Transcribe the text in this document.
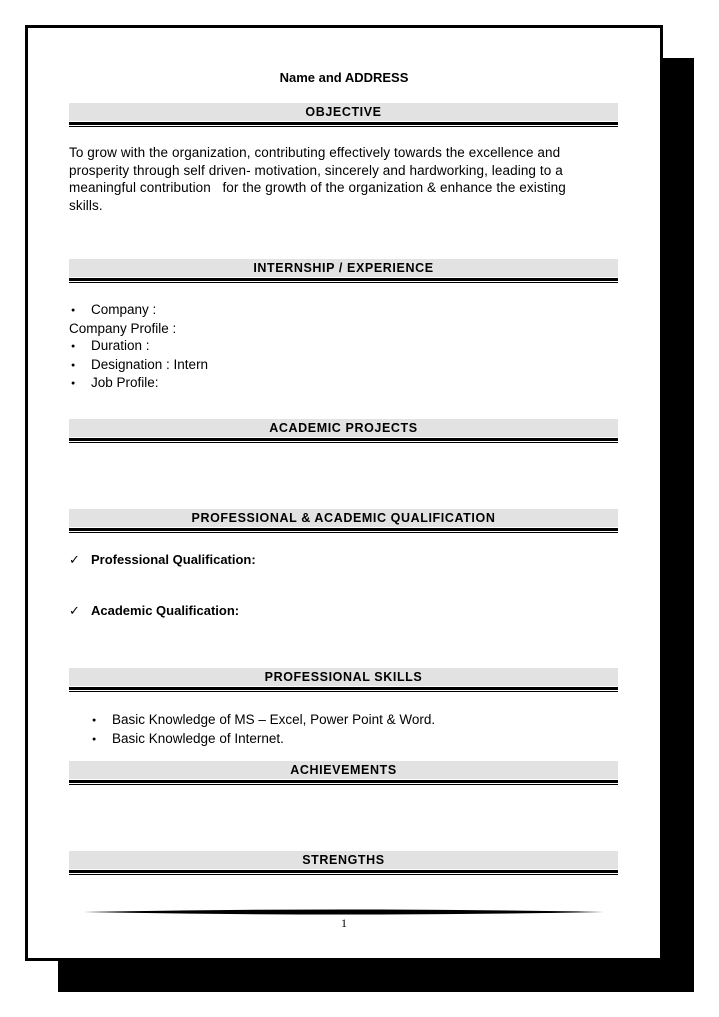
Name and ADDRESS
OBJECTIVE
To grow with the organization, contributing effectively towards the excellence and
prosperity through self driven- motivation, sincerely and hardworking, leading to a
meaningful contribution   for the growth of the organization & enhance the existing
skills.
INTERNSHIP / EXPERIENCE
●Company :
Company Profile :
●Duration :
●Designation : Intern
●Job Profile:
ACADEMIC PROJECTS
PROFESSIONAL & ACADEMIC QUALIFICATION
✓ Professional Qualification:
✓ Academic Qualification:
PROFESSIONAL SKILLS
●Basic Knowledge of MS – Excel, Power Point & Word.
●Basic Knowledge of Internet.
ACHIEVEMENTS
STRENGTHS
1
